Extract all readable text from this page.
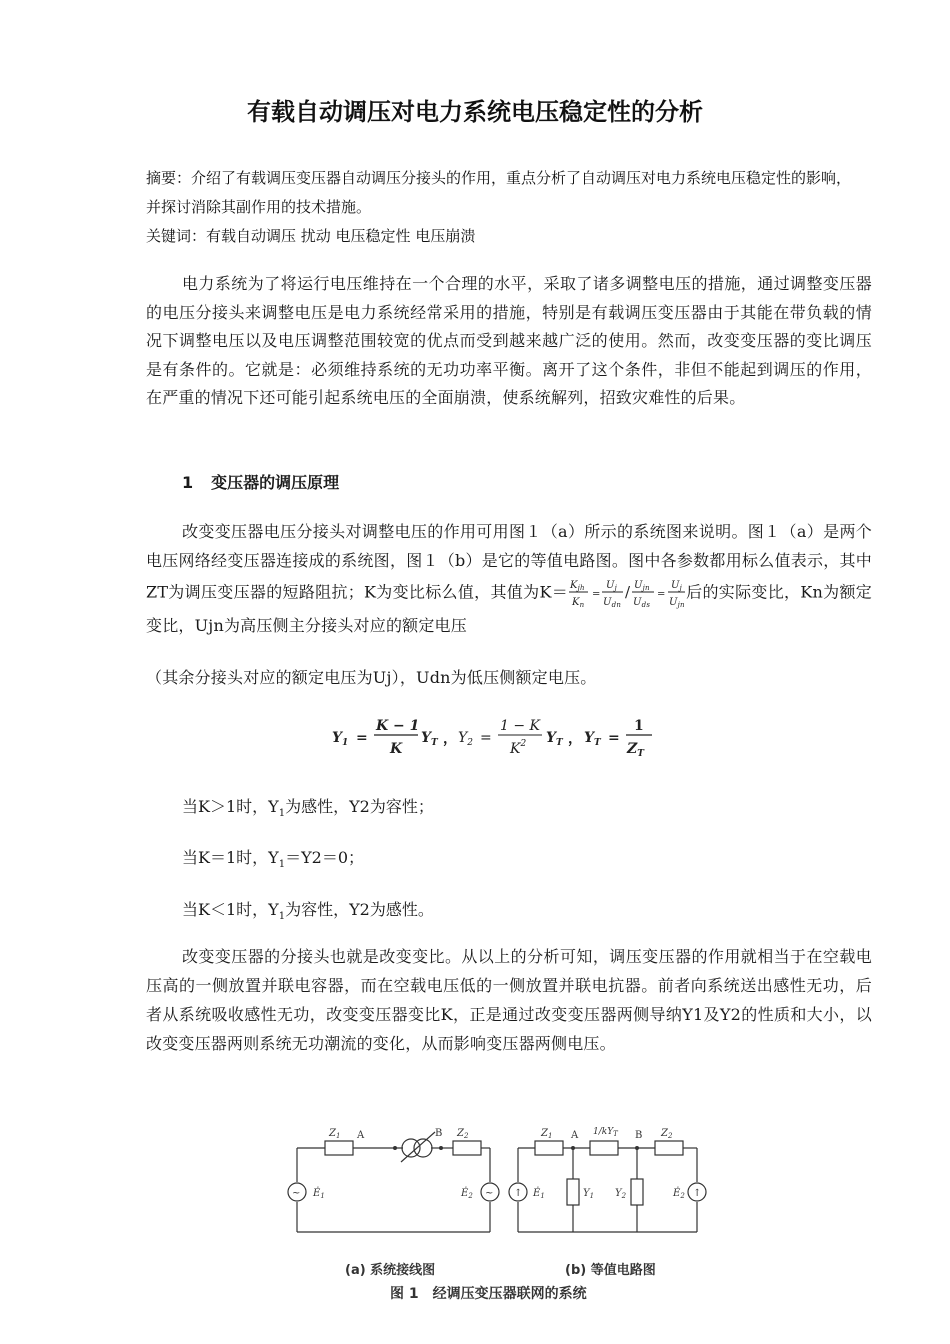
有载自动调压对电力系统电压稳定性的分析
摘要：介绍了有载调压变压器自动调压分接头的作用，重点分析了自动调压对电力系统电压稳定性的影响，并探讨消除其副作用的技术措施。
关键词：有载自动调压 扰动 电压稳定性 电压崩溃
电力系统为了将运行电压维持在一个合理的水平，采取了诸多调整电压的措施，通过调整变压器的电压分接头来调整电压是电力系统经常采用的措施，特别是有载调压变压器由于其能在带负载的情况下调整电压以及电压调整范围较宽的优点而受到越来越广泛的使用。然而，改变变压器的变比调压是有条件的。它就是：必须维持系统的无功功率平衡。离开了这个条件，非但不能起到调压的作用，在严重的情况下还可能引起系统电压的全面崩溃，使系统解列，招致灾难性的后果。
1 变压器的调压原理
改变变压器电压分接头对调整电压的作用可用图１（a）所示的系统图来说明。图１（a）是两个电压网络经变压器连接成的系统图，图１（b）是它的等值电路图。图中各参数都用标么值表示，其中ZT为调压变压器的短路阻抗；K为变比标么值，其值为$K= K_{jh}$
$K_n$
=
$U_j$
$U_{dn}$
/ $U_{jn}$
$U_{ds}$
=
$U_j$
$U_{jn}$
后的实际变比，Kn为额定变比，Ujn为高压侧主分接头对应的额定电压
（其余分接头对应的额定电压为Uj），Udn为低压侧额定电压。
$Y_1$ =
K − 1
K
$Y_T$ ， $Y_2$ =
1 − K
$K^2$ $Y_T$ ， $Y_T$ =
1
$Z_T$
当K＞1时，$Y_1$为感性，Y2为容性；
当K＝1时，$Y_1=Y2=0$；
当K＜1时，$Y_1$为容性，Y2为感性。
改变变压器的分接头也就是改变变比。从以上的分析可知，调压变压器的作用就相当于在空载电压高的一侧放置并联电容器，而在空载电压低的一侧放置并联电抗器。前者向系统送出感性无功，后者从系统吸收感性无功，改变变压器变比K，正是通过改变变压器两侧导纳Y1及Y2的性质和大小，以改变变压器两则系统无功潮流的变化，从而影响变压器两侧电压。
$Z_1$ A	B $Z_2$
$Ė_1$	$Ė_2$
~	~ ↑	↑
$Z_1$ A $1/kY_T$ B $Z_2$
$Ė_1$	$Y_1$ $Y_2$	$Ė_2$
(a) 系统接线图	(b) 等值电路图
图 1　经调压变压器联网的系统
